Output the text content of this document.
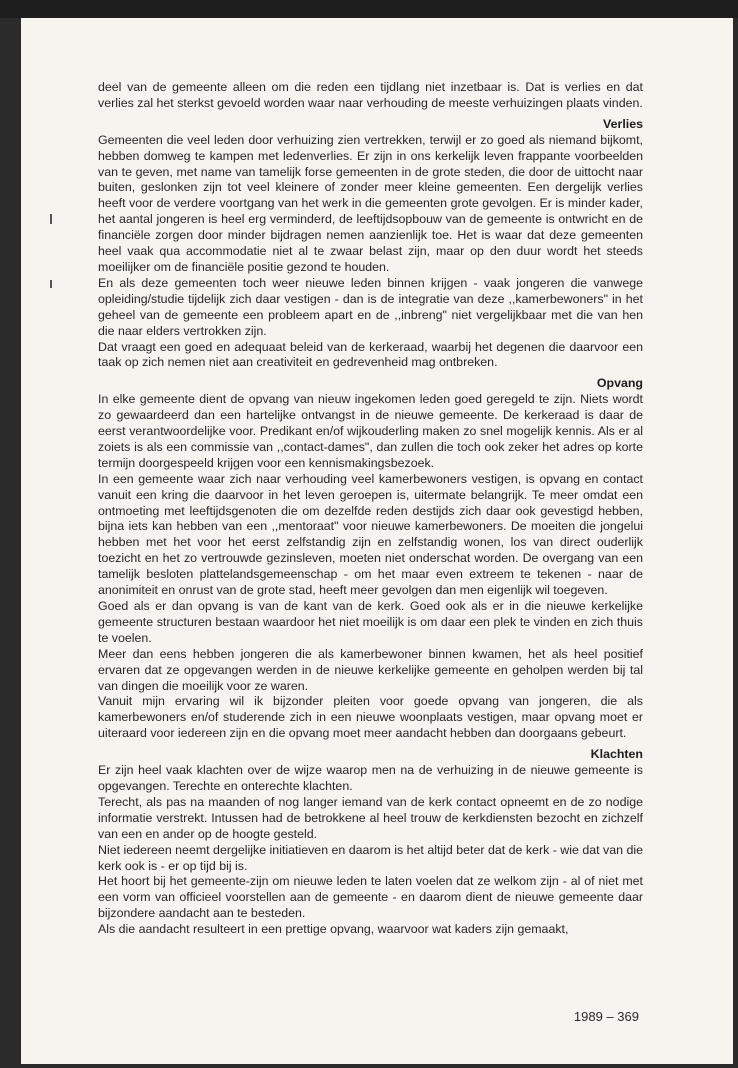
deel van de gemeente alleen om die reden een tijdlang niet inzetbaar is. Dat is verlies en dat verlies zal het sterkst gevoeld worden waar naar verhouding de meeste verhuizingen plaats vinden.

Verlies

Gemeenten die veel leden door verhuizing zien vertrekken, terwijl er zo goed als niemand bijkomt, hebben domweg te kampen met ledenverlies. Er zijn in ons kerkelijk leven frappante voorbeelden van te geven, met name van tamelijk forse gemeenten in de grote steden, die door de uittocht naar buiten, geslonken zijn tot veel kleinere of zonder meer kleine gemeenten. Een dergelijk verlies heeft voor de verdere voortgang van het werk in die gemeenten grote gevolgen. Er is minder kader, het aantal jongeren is heel erg verminderd, de leeftijdsopbouw van de gemeente is ontwricht en de financiële zorgen door minder bijdragen nemen aanzienlijk toe. Het is waar dat deze gemeenten heel vaak qua accommodatie niet al te zwaar belast zijn, maar op den duur wordt het steeds moeilijker om de financiële positie gezond te houden.

En als deze gemeenten toch weer nieuwe leden binnen krijgen - vaak jongeren die vanwege opleiding/studie tijdelijk zich daar vestigen - dan is de integratie van deze ,,kamerbewoners" in het geheel van de gemeente een probleem apart en de ,,inbreng" niet vergelijkbaar met die van hen die naar elders vertrokken zijn.

Dat vraagt een goed en adequaat beleid van de kerkeraad, waarbij het degenen die daarvoor een taak op zich nemen niet aan creativiteit en gedrevenheid mag ontbreken.

Opvang

In elke gemeente dient de opvang van nieuw ingekomen leden goed geregeld te zijn. Niets wordt zo gewaardeerd dan een hartelijke ontvangst in de nieuwe gemeente. De kerkeraad is daar de eerst verantwoordelijke voor. Predikant en/of wijkouderling maken zo snel mogelijk kennis. Als er al zoiets is als een commissie van ,,contact-dames", dan zullen die toch ook zeker het adres op korte termijn doorgespeeld krijgen voor een kennismakingsbezoek.

In een gemeente waar zich naar verhouding veel kamerbewoners vestigen, is opvang en contact vanuit een kring die daarvoor in het leven geroepen is, uitermate belangrijk. Te meer omdat een ontmoeting met leeftijdsgenoten die om dezelfde reden destijds zich daar ook gevestigd hebben, bijna iets kan hebben van een ,,mentoraat" voor nieuwe kamerbewoners. De moeiten die jongelui hebben met het voor het eerst zelfstandig zijn en zelfstandig wonen, los van direct ouderlijk toezicht en het zo vertrouwde gezinsleven, moeten niet onderschat worden. De overgang van een tamelijk besloten plattelandsgemeenschap - om het maar even extreem te tekenen - naar de anonimiteit en onrust van de grote stad, heeft meer gevolgen dan men eigenlijk wil toegeven.

Goed als er dan opvang is van de kant van de kerk. Goed ook als er in die nieuwe kerkelijke gemeente structuren bestaan waardoor het niet moeilijk is om daar een plek te vinden en zich thuis te voelen.

Meer dan eens hebben jongeren die als kamerbewoner binnen kwamen, het als heel positief ervaren dat ze opgevangen werden in de nieuwe kerkelijke gemeente en geholpen werden bij tal van dingen die moeilijk voor ze waren.

Vanuit mijn ervaring wil ik bijzonder pleiten voor goede opvang van jongeren, die als kamerbewoners en/of studerende zich in een nieuwe woonplaats vestigen, maar opvang moet er uiteraard voor iedereen zijn en die opvang moet meer aandacht hebben dan doorgaans gebeurt.

Klachten

Er zijn heel vaak klachten over de wijze waarop men na de verhuizing in de nieuwe gemeente is opgevangen. Terechte en onterechte klachten.

Terecht, als pas na maanden of nog langer iemand van de kerk contact opneemt en de zo nodige informatie verstrekt. Intussen had de betrokkene al heel trouw de kerkdiensten bezocht en zichzelf van een en ander op de hoogte gesteld.

Niet iedereen neemt dergelijke initiatieven en daarom is het altijd beter dat de kerk - wie dat van die kerk ook is - er op tijd bij is.

Het hoort bij het gemeente-zijn om nieuwe leden te laten voelen dat ze welkom zijn - al of niet met een vorm van officieel voorstellen aan de gemeente - en daarom dient de nieuwe gemeente daar bijzondere aandacht aan te besteden.

Als die aandacht resulteert in een prettige opvang, waarvoor wat kaders zijn gemaakt,

1989 – 369
